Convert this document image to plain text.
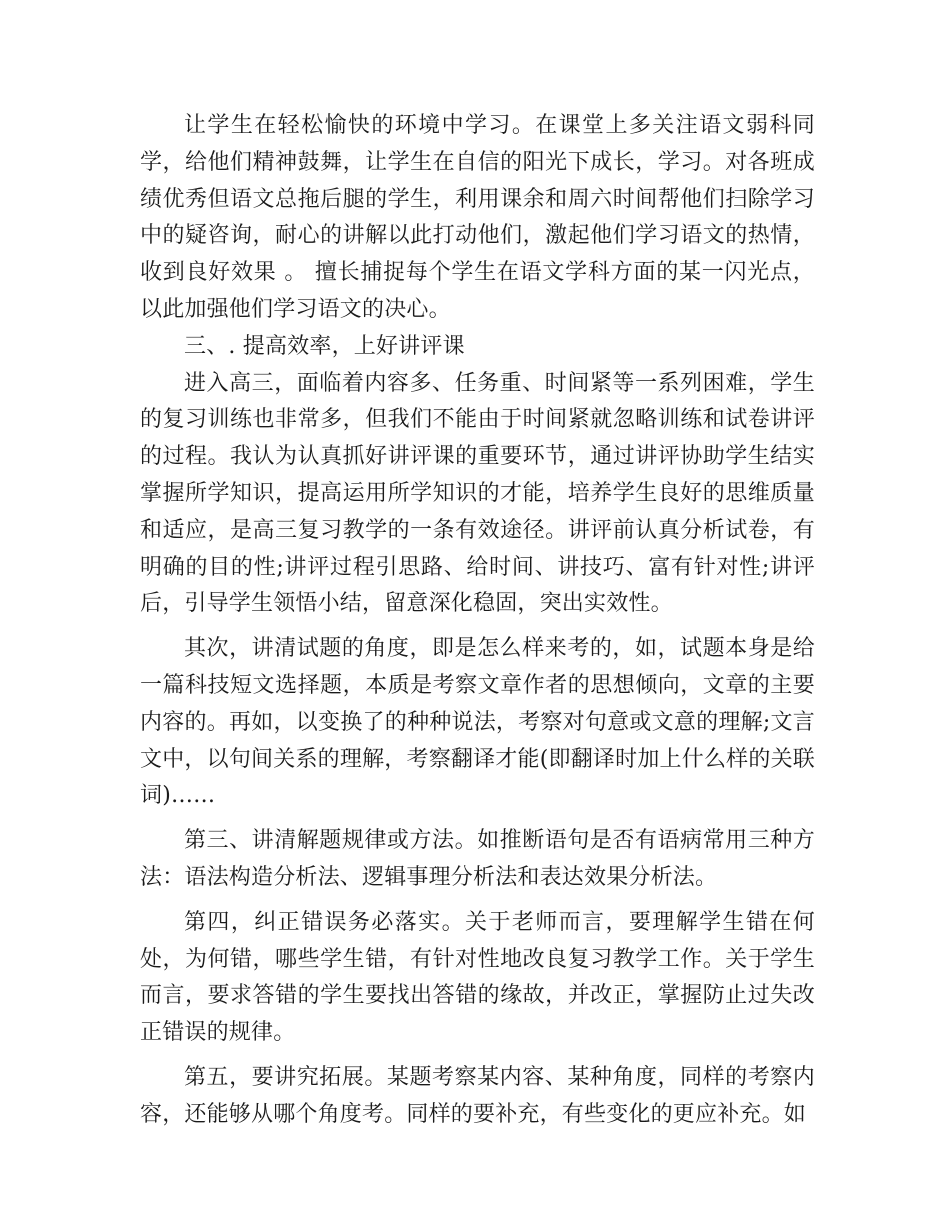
让学生在轻松愉快的环境中学习。在课堂上多关注语文弱科同学，给他们精神鼓舞，让学生在自信的阳光下成长，学习。对各班成绩优秀但语文总拖后腿的学生，利用课余和周六时间帮他们扫除学习中的疑咨询，耐心的讲解以此打动他们，激起他们学习语文的热情，收到良好效果 。 擅长捕捉每个学生在语文学科方面的某一闪光点，以此加强他们学习语文的决心。

三、. 提高效率，上好讲评课

进入高三，面临着内容多、任务重、时间紧等一系列困难，学生的复习训练也非常多，但我们不能由于时间紧就忽略训练和试卷讲评的过程。我认为认真抓好讲评课的重要环节，通过讲评协助学生结实掌握所学知识，提高运用所学知识的才能，培养学生良好的思维质量和适应，是高三复习教学的一条有效途径。讲评前认真分析试卷，有明确的目的性;讲评过程引思路、给时间、讲技巧、富有针对性;讲评后，引导学生领悟小结，留意深化稳固，突出实效性。

其次，讲清试题的角度，即是怎么样来考的，如，试题本身是给一篇科技短文选择题，本质是考察文章作者的思想倾向，文章的主要内容的。再如，以变换了的种种说法，考察对句意或文意的理解;文言文中，以句间关系的理解，考察翻译才能(即翻译时加上什么样的关联词)……

第三、讲清解题规律或方法。如推断语句是否有语病常用三种方法：语法构造分析法、逻辑事理分析法和表达效果分析法。

第四，纠正错误务必落实。关于老师而言，要理解学生错在何处，为何错，哪些学生错，有针对性地改良复习教学工作。关于学生而言，要求答错的学生要找出答错的缘故，并改正，掌握防止过失改正错误的规律。

第五，要讲究拓展。某题考察某内容、某种角度，同样的考察内容，还能够从哪个角度考。同样的要补充，有些变化的更应补充。如
